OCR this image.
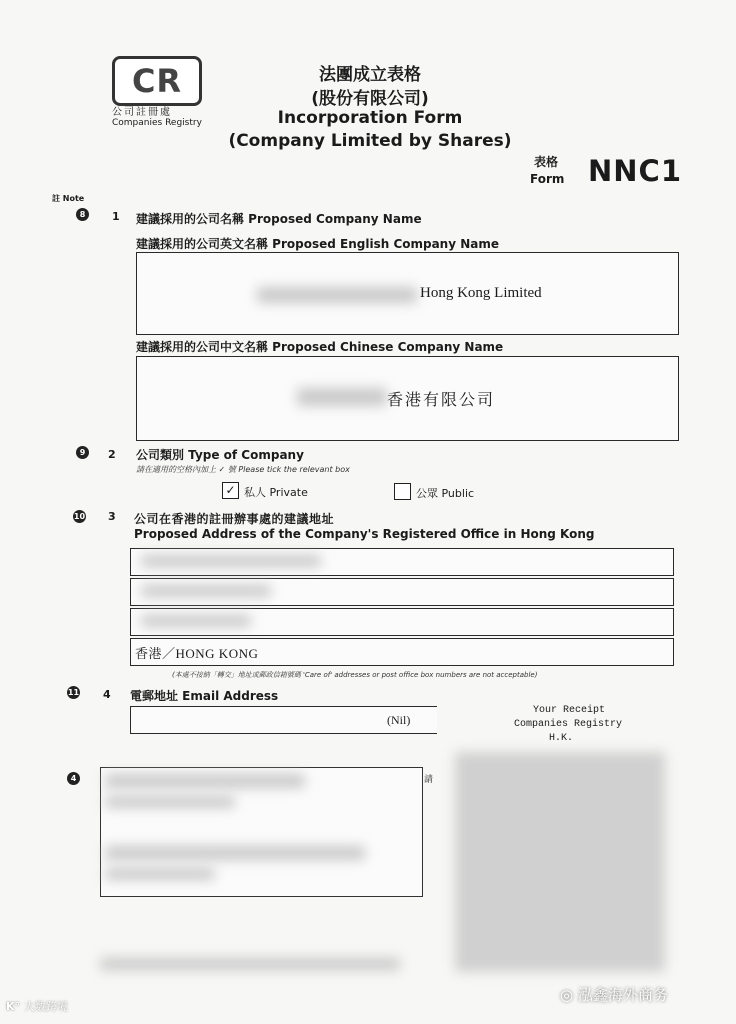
CR
公司註冊處
Companies Registry
法團成立表格
(股份有限公司)
Incorporation Form
(Company Limited by Shares)
表格
Form NNC1
註 Note
8	1 建議採用的公司名稱 Proposed Company Name
建議採用的公司英文名稱 Proposed English Company Name
Hong Kong Limited
建議採用的公司中文名稱 Proposed Chinese Company Name
香港有限公司
9	2 公司類別 Type of Company
請在適用的空格內加上 ✓ 號 Please tick the relevant box
✓ 私人 Private	公眾 Public
10 3 公司在香港的註冊辦事處的建議地址
Proposed Address of the Company's Registered Office in Hong Kong
香港／HONG KONG
(本處不接納「轉交」地址或郵政信箱號碼 'Care of' addresses or post office box numbers are not acceptable)
11 4 電郵地址 Email Address
(Nil)
Your Receipt
Companies Registry
H.K.
4	請
K° 大数跨境
◎ 泓鑫海外商务
